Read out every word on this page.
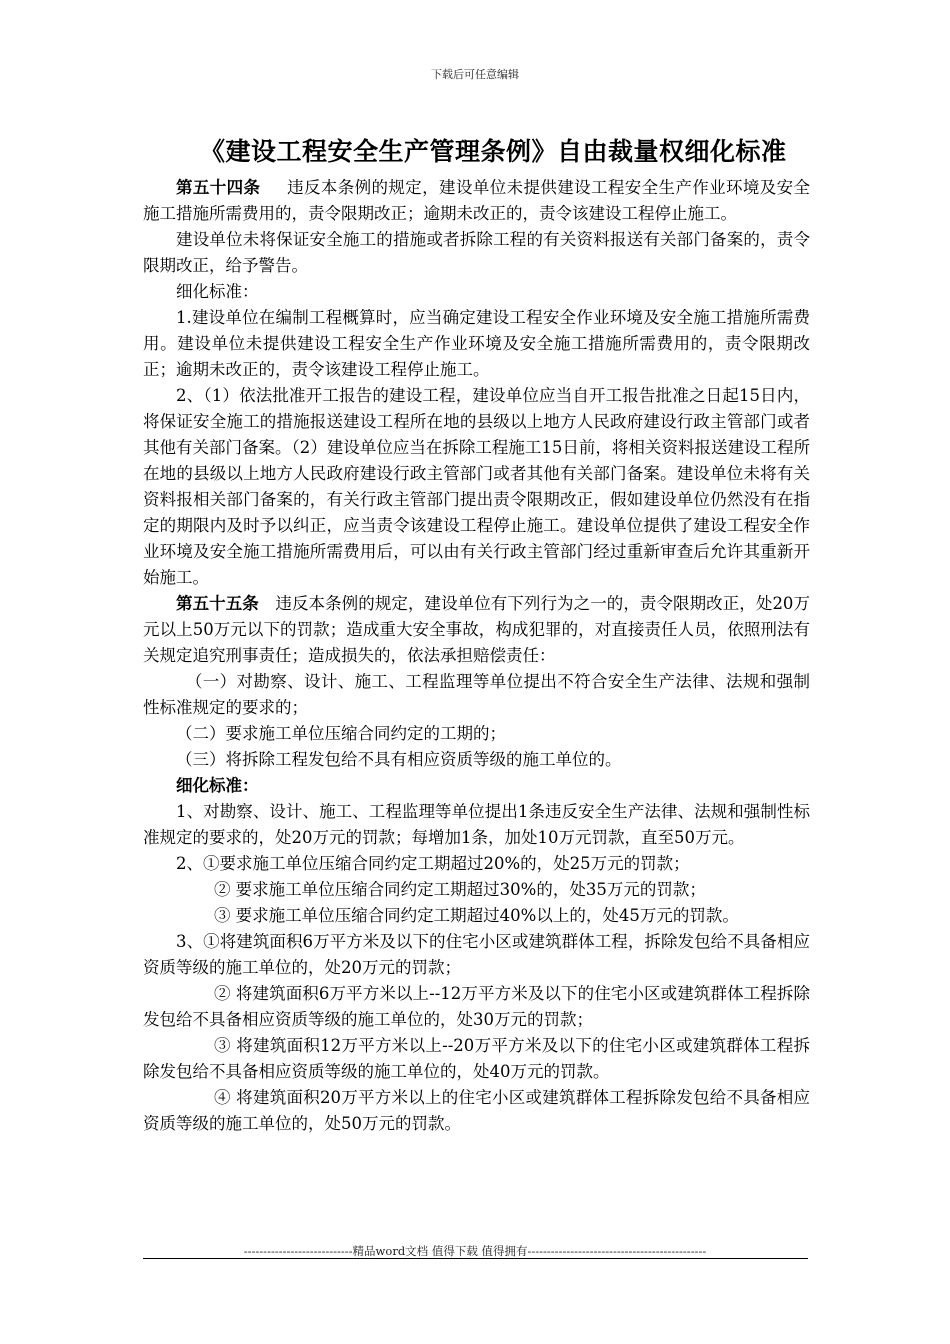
下载后可任意编辑
《建设工程安全生产管理条例》自由裁量权细化标准

第五十四条 违反本条例的规定，建设单位未提供建设工程安全生产作业环境及安全施工措施所需费用的，责令限期改正；逾期未改正的，责令该建设工程停止施工。

建设单位未将保证安全施工的措施或者拆除工程的有关资料报送有关部门备案的，责令限期改正，给予警告。

细化标准：

1.建设单位在编制工程概算时，应当确定建设工程安全作业环境及安全施工措施所需费用。建设单位未提供建设工程安全生产作业环境及安全施工措施所需费用的，责令限期改正；逾期未改正的，责令该建设工程停止施工。

2、（1）依法批准开工报告的建设工程，建设单位应当自开工报告批准之日起15日内，将保证安全施工的措施报送建设工程所在地的县级以上地方人民政府建设行政主管部门或者其他有关部门备案。（2）建设单位应当在拆除工程施工15日前，将相关资料报送建设工程所在地的县级以上地方人民政府建设行政主管部门或者其他有关部门备案。建设单位未将有关资料报相关部门备案的，有关行政主管部门提出责令限期改正，假如建设单位仍然没有在指定的期限内及时予以纠正，应当责令该建设工程停止施工。建设单位提供了建设工程安全作业环境及安全施工措施所需费用后，可以由有关行政主管部门经过重新审查后允许其重新开始施工。

第五十五条 违反本条例的规定，建设单位有下列行为之一的，责令限期改正，处20万元以上50万元以下的罚款；造成重大安全事故，构成犯罪的，对直接责任人员，依照刑法有关规定追究刑事责任；造成损失的，依法承担赔偿责任：

（一）对勘察、设计、施工、工程监理等单位提出不符合安全生产法律、法规和强制性标准规定的要求的；

（二）要求施工单位压缩合同约定的工期的；

（三）将拆除工程发包给不具有相应资质等级的施工单位的。

细化标准：

1、对勘察、设计、施工、工程监理等单位提出1条违反安全生产法律、法规和强制性标准规定的要求的，处20万元的罚款；每增加1条，加处10万元罚款，直至50万元。

2、①要求施工单位压缩合同约定工期超过20%的，处25万元的罚款；

② 要求施工单位压缩合同约定工期超过30%的，处35万元的罚款；

③ 要求施工单位压缩合同约定工期超过40%以上的，处45万元的罚款。

3、①将建筑面积6万平方米及以下的住宅小区或建筑群体工程，拆除发包给不具备相应资质等级的施工单位的，处20万元的罚款；

② 将建筑面积6万平方米以上--12万平方米及以下的住宅小区或建筑群体工程拆除发包给不具备相应资质等级的施工单位的，处30万元的罚款；

③ 将建筑面积12万平方米以上--20万平方米及以下的住宅小区或建筑群体工程拆除发包给不具备相应资质等级的施工单位的，处40万元的罚款。

④ 将建筑面积20万平方米以上的住宅小区或建筑群体工程拆除发包给不具备相应资质等级的施工单位的，处50万元的罚款。

----------------------------精品word文档 值得下载 值得拥有----------------------------------------------
